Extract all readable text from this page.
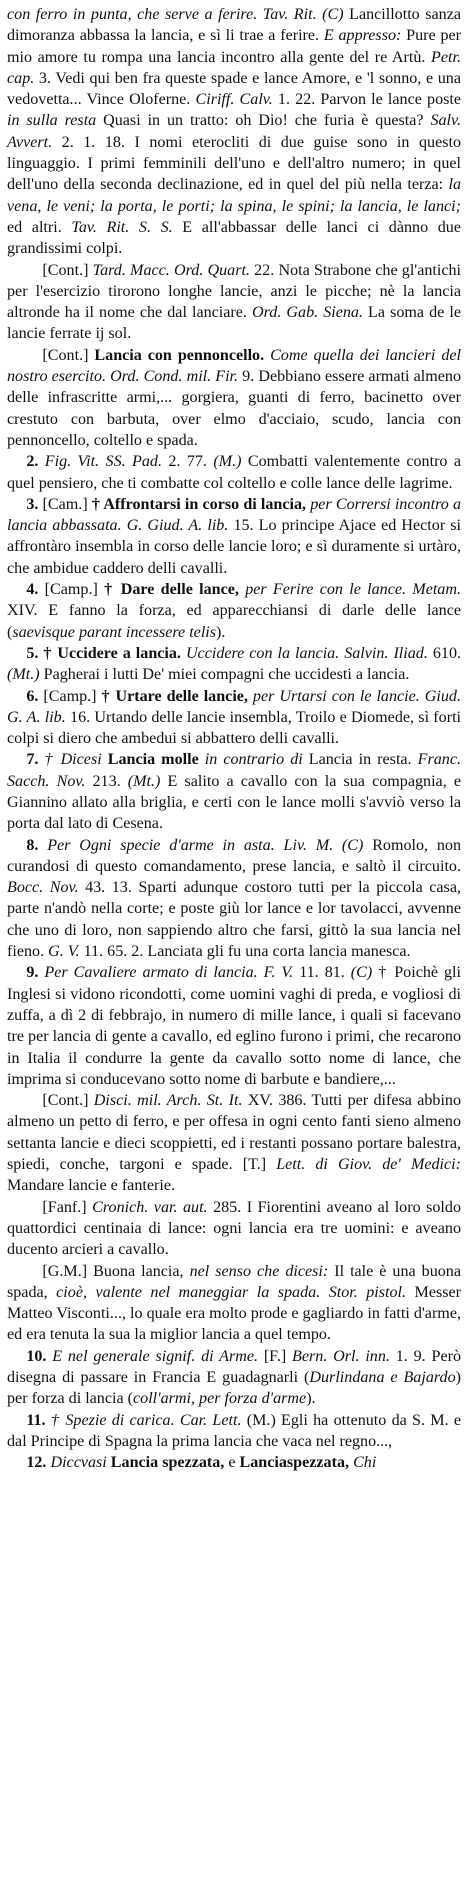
con ferro in punta, che serve a ferire. Tav. Rit. (C) Lancillotto sanza dimoranza abbassa la lancia, e sì li trae a ferire. E appresso: Pure per mio amore tu rompa una lancia incontro alla gente del re Artù. Petr. cap. 3. Vedi qui ben fra queste spade e lance Amore, e 'l sonno, e una vedovetta... Vince Oloferne. Ciriff. Calv. 1. 22. Parvon le lance poste in sulla resta Quasi in un tratto: oh Dio! che furia è questa? Salv. Avvert. 2. 1. 18. I nomi eterocliti di due guise sono in questo linguaggio. I primi femminili dell'uno e dell'altro numero; in quel dell'uno della seconda declinazione, ed in quel del più nella terza: la vena, le veni; la porta, le porti; la spina, le spini; la lancia, le lanci; ed altri. Tav. Rit. S. S. E all'abbassar delle lanci ci dànno due grandissimi colpi.

[Cont.] Tard. Macc. Ord. Quart. 22. Nota Strabone che gl'antichi per l'esercizio tirorono longhe lancie, anzi le picche; nè la lancia altronde ha il nome che dal lanciare. Ord. Gab. Siena. La soma de le lancie ferrate ij sol.

[Cont.] Lancia con pennoncello. Come quella dei lancieri del nostro esercito. Ord. Cond. mil. Fir. 9. Debbiano essere armati almeno delle infrascritte armi,... gorgiera, guanti di ferro, bacinetto over crestuto con barbuta, over elmo d'acciaio, scudo, lancia con pennoncello, coltello e spada.

2. Fig. Vit. SS. Pad. 2. 77. (M.) Combatti valentemente contro a quel pensiero, che ti combatte col coltello e colle lance delle lagrime.

3. [Cam.] † Affrontarsi in corso di lancia, per Corrersi incontro a lancia abbassata. G. Giud. A. lib. 15. Lo principe Ajace ed Hector si affrontàro insembla in corso delle lancie loro; e sì duramente si urtàro, che ambidue caddero delli cavalli.

4. [Camp.] † Dare delle lance, per Ferire con le lance. Metam. XIV. E fanno la forza, ed apparecchiansi di darle delle lance (saevisque parant incessere telis).

5. † Uccidere a lancia. Uccidere con la lancia. Salvin. Iliad. 610. (Mt.) Pagherai i lutti De' miei compagni che uccidesti a lancia.

6. [Camp.] † Urtare delle lancie, per Urtarsi con le lancie. Giud. G. A. lib. 16. Urtando delle lancie insembla, Troilo e Diomede, sì forti colpi si diero che ambedui si abbattero delli cavalli.

7. † Dicesi Lancia molle in contrario di Lancia in resta. Franc. Sacch. Nov. 213. (Mt.) E salito a cavallo con la sua compagnia, e Giannino allato alla briglia, e certi con le lance molli s'avviò verso la porta dal lato di Cesena.

8. Per Ogni specie d'arme in asta. Liv. M. (C) Romolo, non curandosi di questo comandamento, prese lancia, e saltò il circuito. Bocc. Nov. 43. 13. Sparti adunque costoro tutti per la piccola casa, parte n'andò nella corte; e poste giù lor lance e lor tavolacci, avvenne che uno di loro, non sappiendo altro che farsi, gittò la sua lancia nel fieno. G. V. 11. 65. 2. Lanciata gli fu una corta lancia manesca.

9. Per Cavaliere armato di lancia. F. V. 11. 81. (C) † Poichè gli Inglesi si vidono ricondotti, come uomini vaghi di preda, e vogliosi di zuffa, a dì 2 di febbrajo, in numero di mille lance, i quali si facevano tre per lancia di gente a cavallo, ed eglino furono i primi, che recarono in Italia il condurre la gente da cavallo sotto nome di lance, che imprima si conducevano sotto nome di barbute e bandiere,...

[Cont.] Disci. mil. Arch. St. It. XV. 386. Tutti per difesa abbino almeno un petto di ferro, e per offesa in ogni cento fanti sieno almeno settanta lancie e dieci scoppietti, ed i restanti possano portare balestra, spiedi, conche, targoni e spade. [T.] Lett. di Giov. de' Medici: Mandare lancie e fanterie.

[Fanf.] Cronich. var. aut. 285. I Fiorentini aveano al loro soldo quattordici centinaia di lance: ogni lancia era tre uomini: e aveano ducento arcieri a cavallo.

[G.M.] Buona lancia, nel senso che dicesi: Il tale è una buona spada, cioè, valente nel maneggiar la spada. Stor. pistol. Messer Matteo Visconti..., lo quale era molto prode e gagliardo in fatti d'arme, ed era tenuta la sua la miglior lancia a quel tempo.

10. E nel generale signif. di Arme. [F.] Bern. Orl. inn. 1. 9. Però disegna di passare in Francia E guadagnarli (Durlindana e Bajardo) per forza di lancia (coll'armi, per forza d'arme).

11. † Spezie di carica. Car. Lett. (M.) Egli ha ottenuto da S. M. e dal Principe di Spagna la prima lancia che vaca nel regno...,

12. Diccvasi Lancia spezzata, e Lanciaspezzata, Chi
